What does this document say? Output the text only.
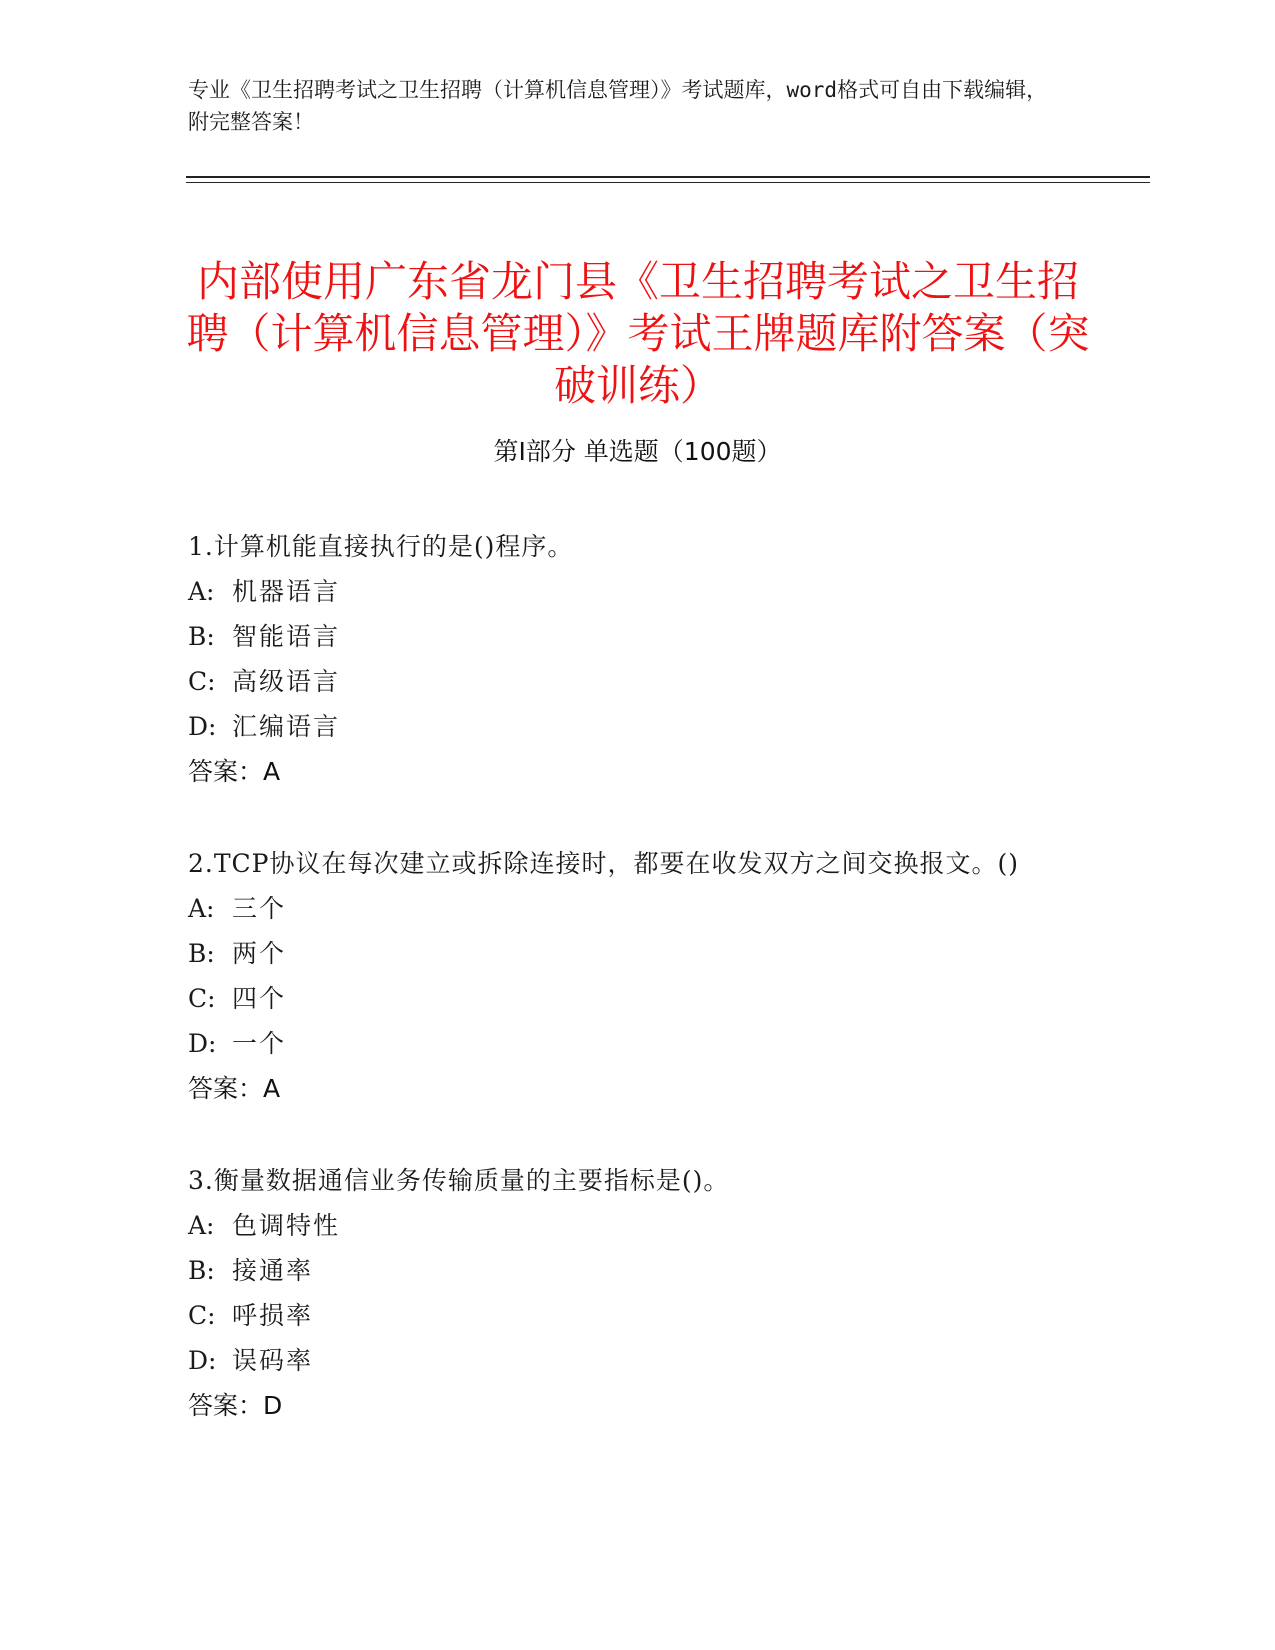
专业《卫生招聘考试之卫生招聘（计算机信息管理）》考试题库，word格式可自由下载编辑，附完整答案！
内部使用广东省龙门县《卫生招聘考试之卫生招聘（计算机信息管理）》考试王牌题库附答案（突破训练）
第Ⅰ部分 单选题（100题）
1.计算机能直接执行的是()程序。
A: 机器语言
B: 智能语言
C: 高级语言
D: 汇编语言
答案：A
2.TCP协议在每次建立或拆除连接时，都要在收发双方之间交换报文。()
A: 三个
B: 两个
C: 四个
D: 一个
答案：A
3.衡量数据通信业务传输质量的主要指标是()。
A: 色调特性
B: 接通率
C: 呼损率
D: 误码率
答案：D
